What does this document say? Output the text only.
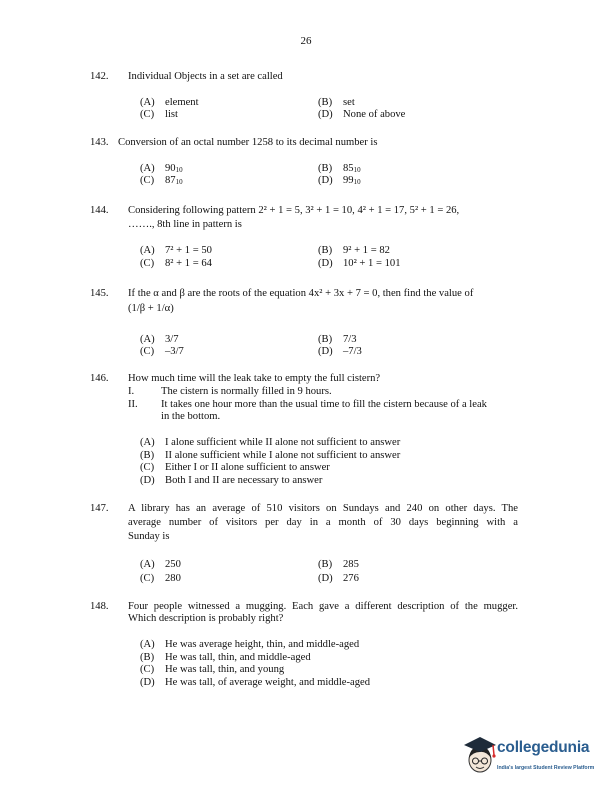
26
142. Individual Objects in a set are called
(A) element	(B) set
(C) list	(D) None of above
143. Conversion of an octal number 1258 to its decimal number is
(A) $90_{10}$	(B) $85_{10}$
(C) $87_{10}$	(D) $99_{10}$
144. Considering following pattern 2² + 1 = 5, 3² + 1 = 10, 4² + 1 = 17, 5² + 1 = 26,
……., 8th line in pattern is
(A) 7² + 1 = 50	(B) 9² + 1 = 82
(C) 8² + 1 = 64	(D) 10² + 1 = 101
145. If the α and β are the roots of the equation 4x² + 3x + 7 = 0, then find the value of
(1/β + 1/α)
(A) 3/7	(B) 7/3
(C) –3/7	(D) –7/3
146. How much time will the leak take to empty the full cistern?
I.	The cistern is normally filled in 9 hours.
II. It takes one hour more than the usual time to fill the cistern because of a leak
in the bottom.
(A) I alone sufficient while II alone not sufficient to answer
(B) II alone sufficient while I alone not sufficient to answer
(C) Either I or II alone sufficient to answer
(D) Both I and II are necessary to answer
147. A library has an average of 510 visitors on Sundays and 240 on other days. The
average number of visitors per day in a month of 30 days beginning with a
Sunday is
(A) 250	(B) 285
(C) 280	(D) 276
148. Four people witnessed a mugging. Each gave a different description of the mugger.
Which description is probably right?
(A) He was average height, thin, and middle-aged
(B) He was tall, thin, and middle-aged
(C) He was tall, thin, and young
(D) He was tall, of average weight, and middle-aged
collegedunia
India's largest Student Review Platform
